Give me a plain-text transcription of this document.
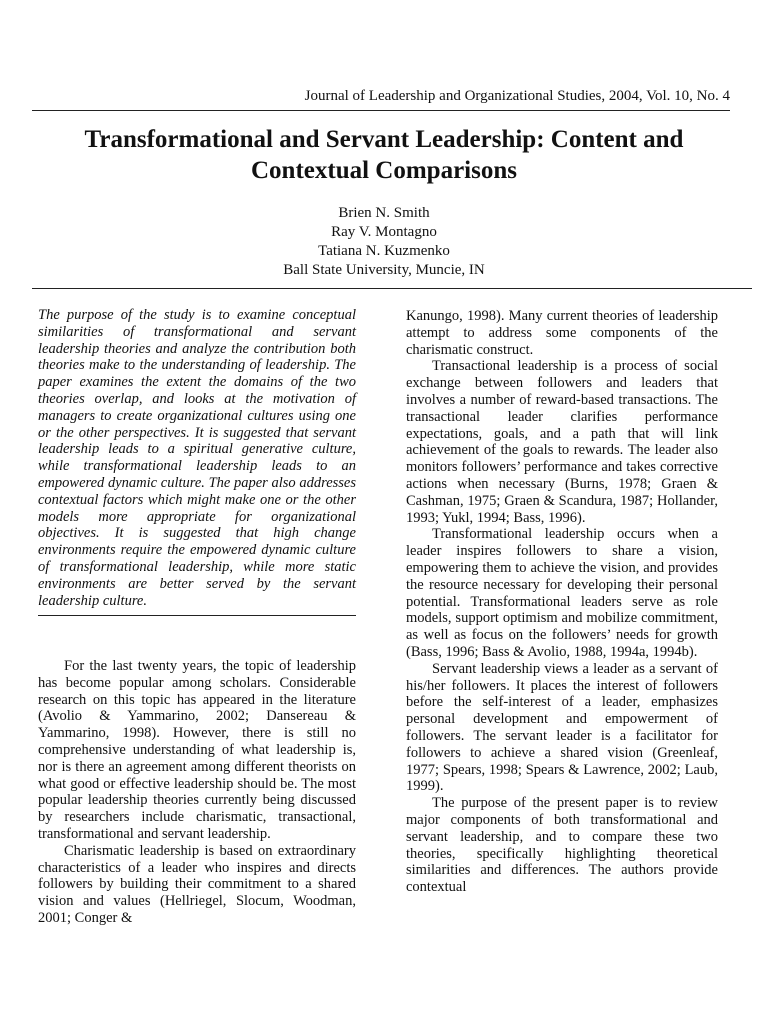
Journal of Leadership and Organizational Studies, 2004, Vol. 10, No. 4
Transformational and Servant Leadership: Content and Contextual Comparisons
Brien N. Smith
Ray V. Montagno
Tatiana N. Kuzmenko
Ball State University, Muncie, IN

The purpose of the study is to examine conceptual similarities of transformational and servant leadership theories and analyze the contribution both theories make to the understanding of leadership. The paper examines the extent the domains of the two theories overlap, and looks at the motivation of managers to create organizational cultures using one or the other perspectives. It is suggested that servant leadership leads to a spiritual generative culture, while transformational leadership leads to an empowered dynamic culture. The paper also addresses contextual factors which might make one or the other models more appropriate for organizational objectives. It is suggested that high change environments require the empowered dynamic culture of transformational leadership, while more static environments are better served by the servant leadership culture.

For the last twenty years, the topic of leadership has become popular among scholars. Considerable research on this topic has appeared in the literature (Avolio & Yammarino, 2002; Dansereau & Yammarino, 1998). However, there is still no comprehensive understanding of what leadership is, nor is there an agreement among different theorists on what good or effective leadership should be. The most popular leadership theories currently being discussed by researchers include charismatic, transactional, transformational and servant leadership.

Charismatic leadership is based on extraordinary characteristics of a leader who inspires and directs followers by building their commitment to a shared vision and values (Hellriegel, Slocum, Woodman, 2001; Conger &

Kanungo, 1998). Many current theories of leadership attempt to address some components of the charismatic construct.

Transactional leadership is a process of social exchange between followers and leaders that involves a number of reward-based transactions. The transactional leader clarifies performance expectations, goals, and a path that will link achievement of the goals to rewards. The leader also monitors followers’ performance and takes corrective actions when necessary (Burns, 1978; Graen & Cashman, 1975; Graen & Scandura, 1987; Hollander, 1993; Yukl, 1994; Bass, 1996).

Transformational leadership occurs when a leader inspires followers to share a vision, empowering them to achieve the vision, and provides the resource necessary for developing their personal potential. Transformational leaders serve as role models, support optimism and mobilize commitment, as well as focus on the followers’ needs for growth (Bass, 1996; Bass & Avolio, 1988, 1994a, 1994b).

Servant leadership views a leader as a servant of his/her followers. It places the interest of followers before the self-interest of a leader, emphasizes personal development and empowerment of followers. The servant leader is a facilitator for followers to achieve a shared vision (Greenleaf, 1977; Spears, 1998; Spears & Lawrence, 2002; Laub, 1999).

The purpose of the present paper is to review major components of both transformational and servant leadership, and to compare these two theories, specifically highlighting theoretical similarities and differences. The authors provide contextual
